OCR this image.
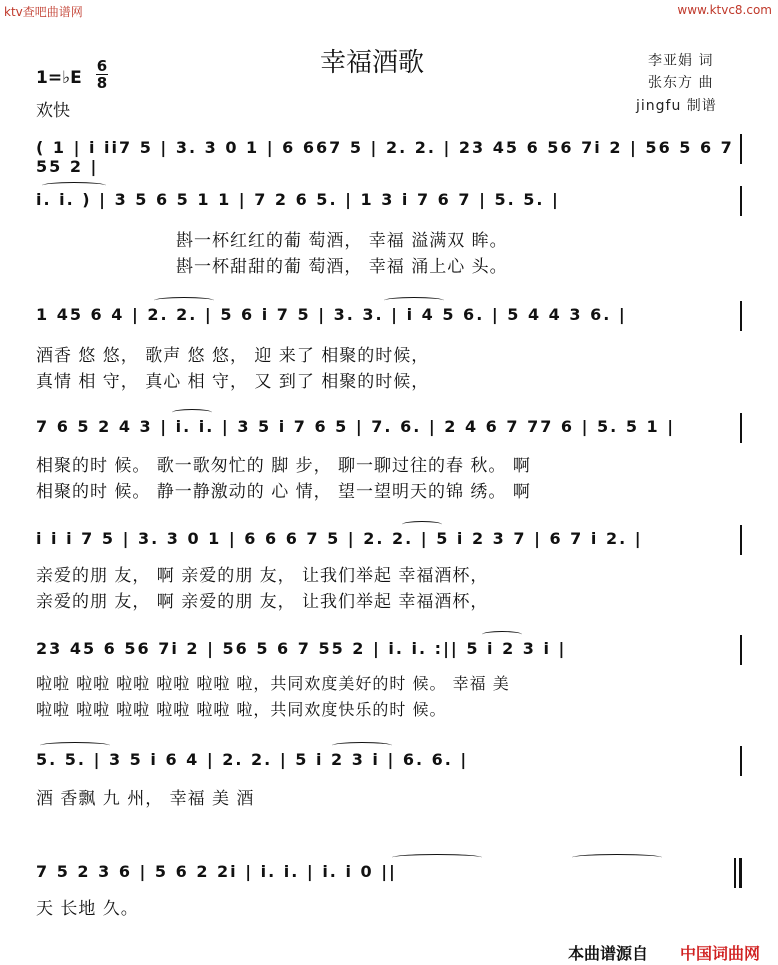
ktv查吧曲谱网	www.ktvc8.com
1=♭E
6
8
欢快
幸福酒歌	李亚娟 词
张东方 曲
jingfu 制谱
( 1 | i ii7 5 | 3. 3 0 1 | 6 667 5 | 2. 2. | 23 45 6 56 7i 2 | 56 5 6 7 55 2 |
i. i. ) | 3 5 6 5 1 1 | 7 2 6 5. | 1 3 i 7 6 7 | 5. 5. |
斟一杯红红的葡 萄酒， 幸福 溢满双 眸。
斟一杯甜甜的葡 萄酒， 幸福 涌上心 头。
1 45 6 4 | 2. 2. | 5 6 i 7 5 | 3. 3. | i 4 5 6. | 5 4 4 3 6. |
酒香 悠 悠， 歌声 悠 悠， 迎 来了 相聚的时候，
真情 相 守， 真心 相 守， 又 到了 相聚的时候，
7 6 5 2 4 3 | i. i. | 3 5 i 7 6 5 | 7. 6. | 2 4 6 7 77 6 | 5. 5 1 |
相聚的时 候。 歌一歌匆忙的 脚 步， 聊一聊过往的春 秋。 啊
相聚的时 候。 静一静激动的 心 情， 望一望明天的锦 绣。 啊
i i i 7 5 | 3. 3 0 1 | 6 6 6 7 5 | 2. 2. | 5 i 2 3 7 | 6 7 i 2. |
亲爱的朋 友， 啊 亲爱的朋 友， 让我们举起 幸福酒杯，
亲爱的朋 友， 啊 亲爱的朋 友， 让我们举起 幸福酒杯，
23 45 6 56 7i 2 | 56 5 6 7 55 2 | i. i. :|| 5 i 2 3 i |
啦啦 啦啦 啦啦 啦啦 啦啦 啦，共同欢度美好的时 候。 幸福 美
啦啦 啦啦 啦啦 啦啦 啦啦 啦，共同欢度快乐的时 候。
5. 5. | 3 5 i 6 4 | 2. 2. | 5 i 2 3 i | 6. 6. |
酒 香飘 九 州， 幸福 美 酒
7 5 2 3 6 | 5 6 2 2i | i. i. | i. i 0 ||
天 长地 久。
本曲谱源自 中国词曲网
